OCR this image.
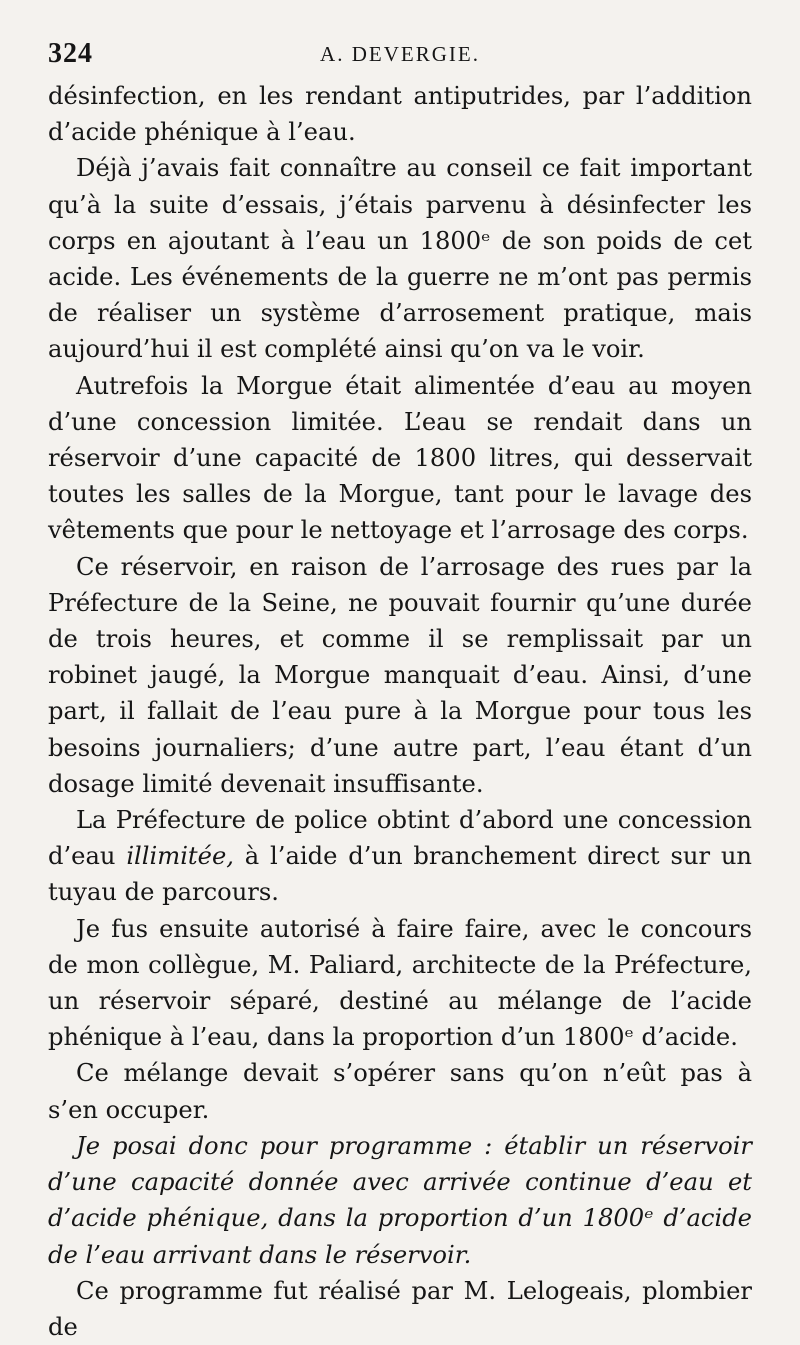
324	A. DEVERGIE.

désinfection, en les rendant antiputrides, par l’addition d’acide phénique à l’eau.

Déjà j’avais fait connaître au conseil ce fait important qu’à la suite d’essais, j’étais parvenu à désinfecter les corps en ajoutant à l’eau un 1800ᵉ de son poids de cet acide. Les événements de la guerre ne m’ont pas permis de réaliser un système d’arrosement pratique, mais aujourd’hui il est complété ainsi qu’on va le voir.

Autrefois la Morgue était alimentée d’eau au moyen d’une concession limitée. L’eau se rendait dans un réservoir d’une capacité de 1800 litres, qui desservait toutes les salles de la Morgue, tant pour le lavage des vêtements que pour le nettoyage et l’arrosage des corps.

Ce réservoir, en raison de l’arrosage des rues par la Préfecture de la Seine, ne pouvait fournir qu’une durée de trois heures, et comme il se remplissait par un robinet jaugé, la Morgue manquait d’eau. Ainsi, d’une part, il fallait de l’eau pure à la Morgue pour tous les besoins journaliers; d’une autre part, l’eau étant d’un dosage limité devenait insuffisante.

La Préfecture de police obtint d’abord une concession d’eau illimitée, à l’aide d’un branchement direct sur un tuyau de parcours.

Je fus ensuite autorisé à faire faire, avec le concours de mon collègue, M. Paliard, architecte de la Préfecture, un réservoir séparé, destiné au mélange de l’acide phénique à l’eau, dans la proportion d’un 1800ᵉ d’acide.

Ce mélange devait s’opérer sans qu’on n’eût pas à s’en occuper.

Je posai donc pour programme : établir un réservoir d’une capacité donnée avec arrivée continue d’eau et d’acide phénique, dans la proportion d’un 1800ᵉ d’acide de l’eau arrivant dans le réservoir.

Ce programme fut réalisé par M. Lelogeais, plombier de
